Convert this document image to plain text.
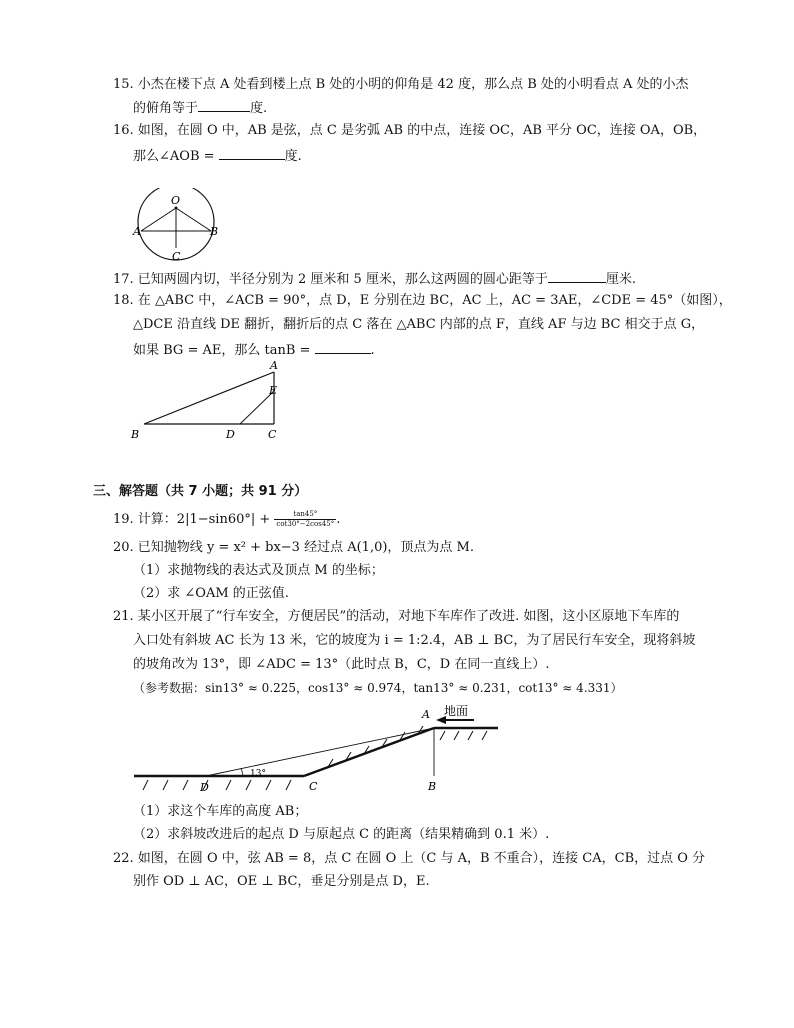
15. 小杰在楼下点 A 处看到楼上点 B 处的小明的仰角是 42 度，那么点 B 处的小明看点 A 处的小杰
的俯角等于	度.
16. 如图，在圆 O 中，AB 是弦，点 C 是劣弧 AB 的中点，连接 OC，AB 平分 OC，连接 OA，OB，
那么∠AOB =	度.
O
A	B
C
17. 已知两圆内切，半径分别为 2 厘米和 5 厘米，那么这两圆的圆心距等于	厘米.
18. 在 △ABC 中，∠ACB = 90°，点 D，E 分别在边 BC，AC 上，AC = 3AE，∠CDE = 45°（如图），
△DCE 沿直线 DE 翻折，翻折后的点 C 落在 △ABC 内部的点 F，直线 AF 与边 BC 相交于点 G，
如果 BG = AE，那么 tanB =	.
A
E
B	D	C
三、解答题（共 7 小题；共 91 分）
19. 计算：$2|1-\sin 60^\circ| + \frac{\tan 45^\circ}{\cot 30^\circ-2\cos 45^\circ}$ .
20. 已知抛物线 y = x² + bx−3 经过点 A(1,0)，顶点为点 M.
（1）求抛物线的表达式及顶点 M 的坐标；
（2）求 ∠OAM 的正弦值.
21. 某小区开展了“行车安全，方便居民”的活动，对地下车库作了改进. 如图，这小区原地下车库的
入口处有斜坡 AC 长为 13 米，它的坡度为 i = 1:2.4，AB ⊥ BC，为了居民行车安全，现将斜坡
的坡角改为 13°，即 ∠ADC = 13°（此时点 B，C，D 在同一直线上）.
（参考数据：sin13° ≈ 0.225，cos13° ≈ 0.974，tan13° ≈ 0.231，cot13° ≈ 4.331）
13°
地面
A
D	C	B
（1）求这个车库的高度 AB；
（2）求斜坡改进后的起点 D 与原起点 C 的距离（结果精确到 0.1 米）.
22. 如图，在圆 O 中，弦 AB = 8，点 C 在圆 O 上（C 与 A，B 不重合），连接 CA，CB，过点 O 分
别作 OD ⊥ AC，OE ⊥ BC，垂足分别是点 D，E.
